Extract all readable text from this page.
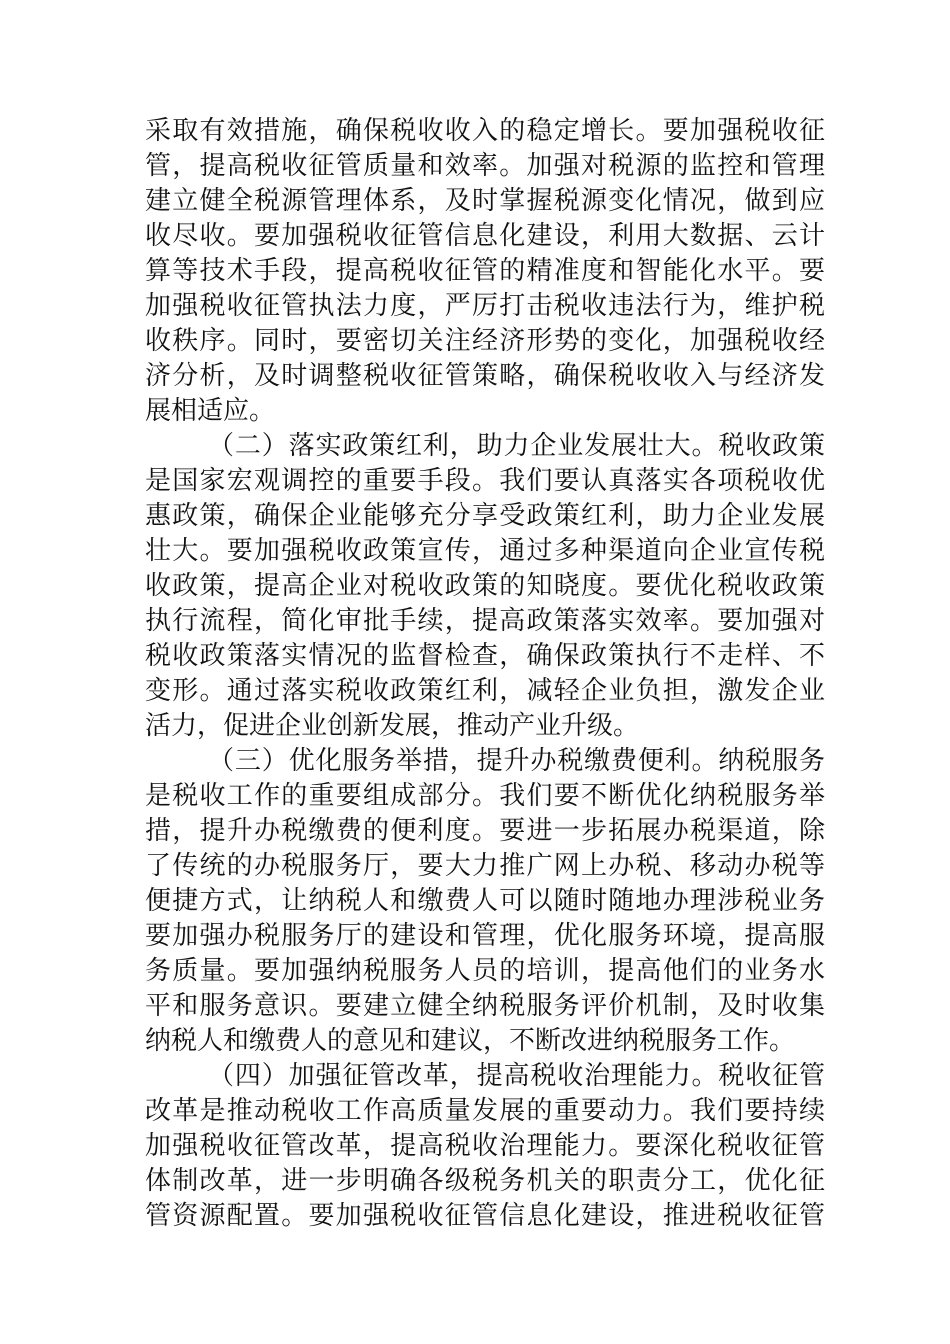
采取有效措施，确保税收收入的稳定增长。要加强税收征
管，提高税收征管质量和效率。加强对税源的监控和管理
建立健全税源管理体系，及时掌握税源变化情况，做到应
收尽收。要加强税收征管信息化建设，利用大数据、云计
算等技术手段，提高税收征管的精准度和智能化水平。要
加强税收征管执法力度，严厉打击税收违法行为，维护税
收秩序。同时，要密切关注经济形势的变化，加强税收经
济分析，及时调整税收征管策略，确保税收收入与经济发
展相适应。
（二）落实政策红利，助力企业发展壮大。税收政策
是国家宏观调控的重要手段。我们要认真落实各项税收优
惠政策，确保企业能够充分享受政策红利，助力企业发展
壮大。要加强税收政策宣传，通过多种渠道向企业宣传税
收政策，提高企业对税收政策的知晓度。要优化税收政策
执行流程，简化审批手续，提高政策落实效率。要加强对
税收政策落实情况的监督检查，确保政策执行不走样、不
变形。通过落实税收政策红利，减轻企业负担，激发企业
活力，促进企业创新发展，推动产业升级。
（三）优化服务举措，提升办税缴费便利。纳税服务
是税收工作的重要组成部分。我们要不断优化纳税服务举
措，提升办税缴费的便利度。要进一步拓展办税渠道，除
了传统的办税服务厅，要大力推广网上办税、移动办税等
便捷方式，让纳税人和缴费人可以随时随地办理涉税业务
要加强办税服务厅的建设和管理，优化服务环境，提高服
务质量。要加强纳税服务人员的培训，提高他们的业务水
平和服务意识。要建立健全纳税服务评价机制，及时收集
纳税人和缴费人的意见和建议，不断改进纳税服务工作。
（四）加强征管改革，提高税收治理能力。税收征管
改革是推动税收工作高质量发展的重要动力。我们要持续
加强税收征管改革，提高税收治理能力。要深化税收征管
体制改革，进一步明确各级税务机关的职责分工，优化征
管资源配置。要加强税收征管信息化建设，推进税收征管
